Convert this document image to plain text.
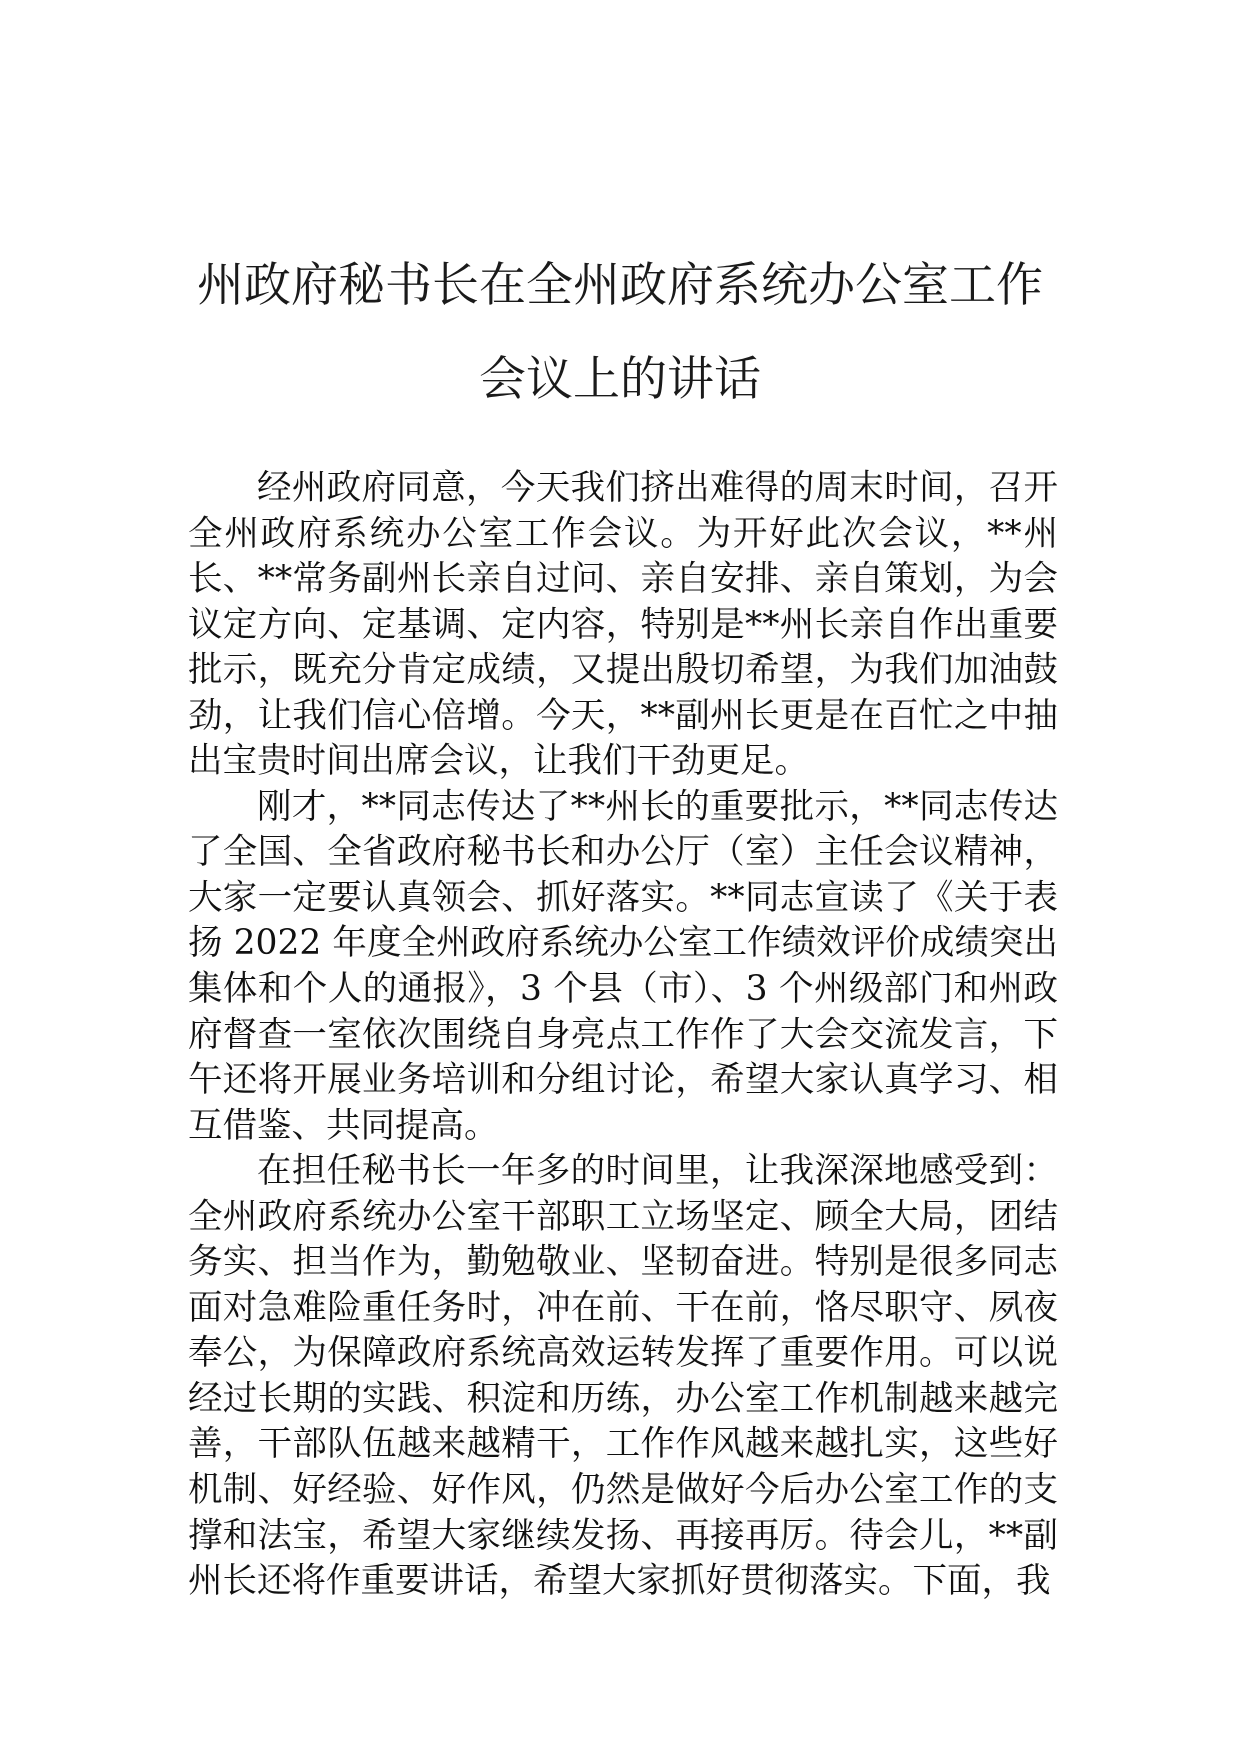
州政府秘书长在全州政府系统办公室工作
会议上的讲话

经州政府同意，今天我们挤出难得的周末时间，召开全州政府系统办公室工作会议。为开好此次会议，**州长、**常务副州长亲自过问、亲自安排、亲自策划，为会议定方向、定基调、定内容，特别是**州长亲自作出重要批示，既充分肯定成绩，又提出殷切希望，为我们加油鼓劲，让我们信心倍增。今天，**副州长更是在百忙之中抽出宝贵时间出席会议，让我们干劲更足。

刚才，**同志传达了**州长的重要批示，**同志传达了全国、全省政府秘书长和办公厅（室）主任会议精神，大家一定要认真领会、抓好落实。**同志宣读了《关于表扬 2022 年度全州政府系统办公室工作绩效评价成绩突出集体和个人的通报》，3 个县（市）、3 个州级部门和州政府督查一室依次围绕自身亮点工作作了大会交流发言，下午还将开展业务培训和分组讨论，希望大家认真学习、相互借鉴、共同提高。

在担任秘书长一年多的时间里，让我深深地感受到：全州政府系统办公室干部职工立场坚定、顾全大局，团结务实、担当作为，勤勉敬业、坚韧奋进。特别是很多同志面对急难险重任务时，冲在前、干在前，恪尽职守、夙夜奉公，为保障政府系统高效运转发挥了重要作用。可以说经过长期的实践、积淀和历练，办公室工作机制越来越完善，干部队伍越来越精干，工作作风越来越扎实，这些好机制、好经验、好作风，仍然是做好今后办公室工作的支撑和法宝，希望大家继续发扬、再接再厉。待会儿，**副州长还将作重要讲话，希望大家抓好贯彻落实。下面，我
